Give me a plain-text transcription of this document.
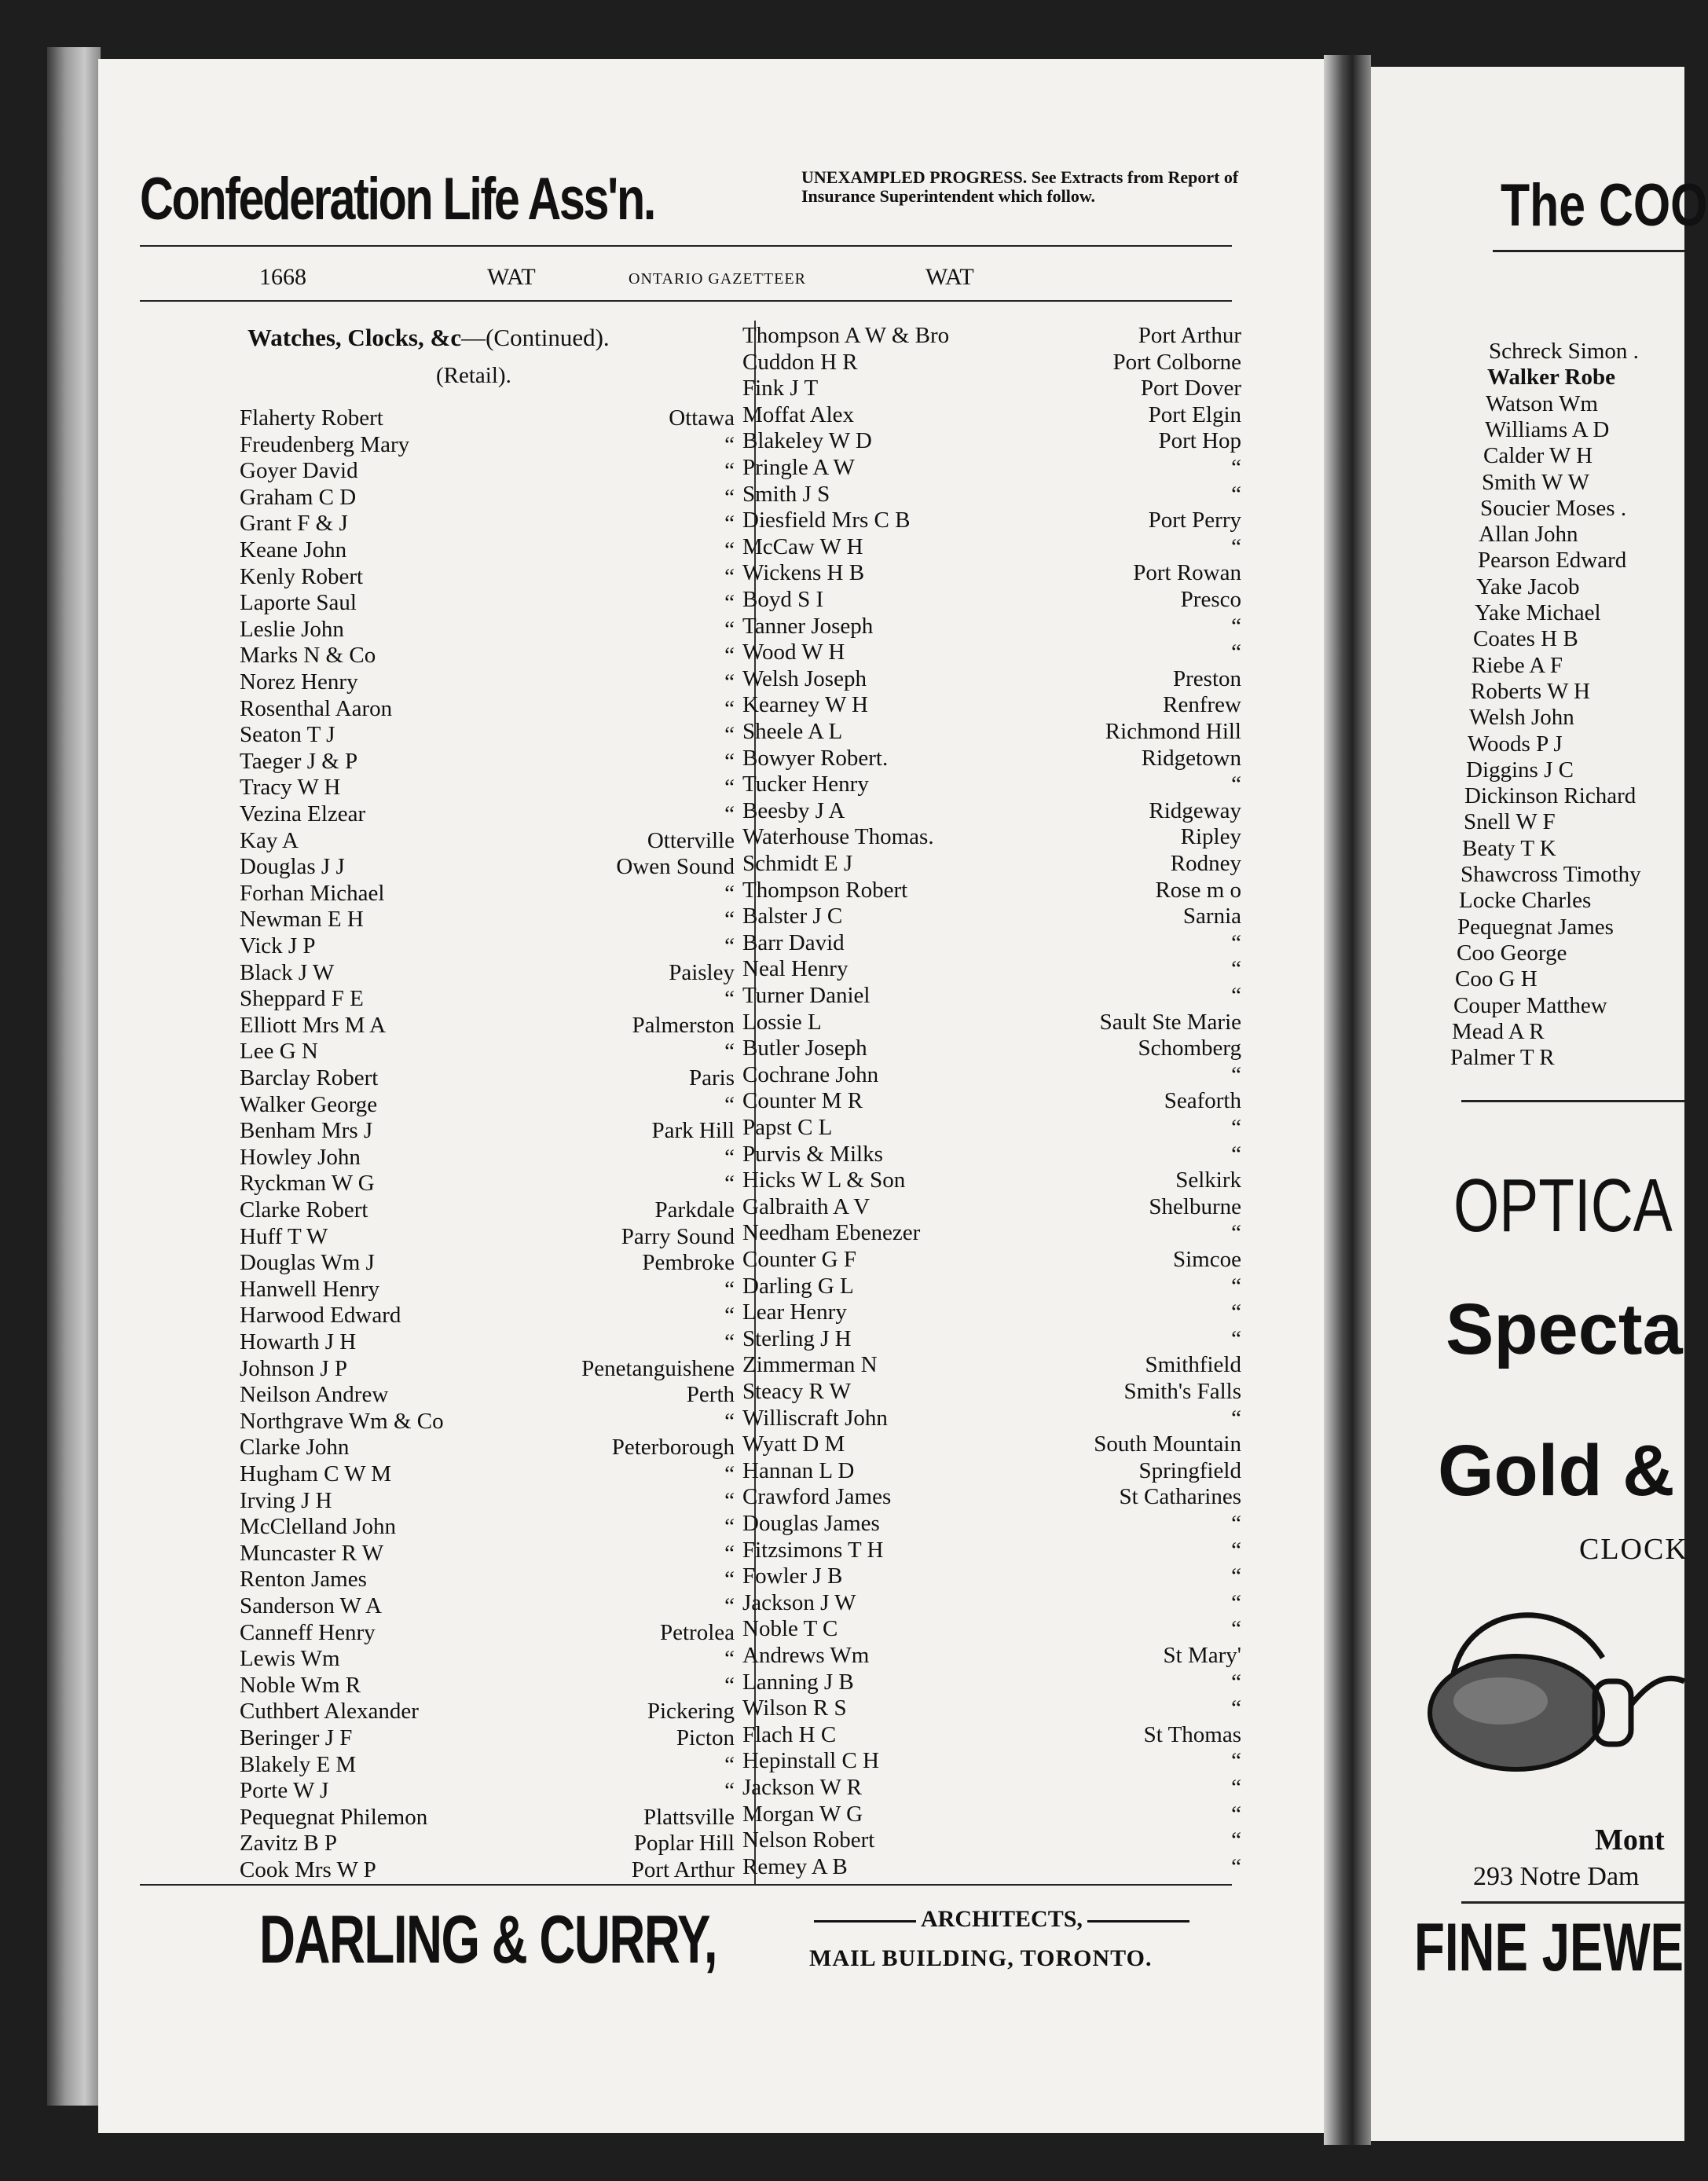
Confederation Life Ass'n.	UNEXAMPLED PROGRESS. See Extracts from Report of Insurance Superintendent which follow.
1668	WAT	ONTARIO GAZETTEER	WAT
Watches, Clocks, &c—(Continued).
(Retail).
Flaherty Robert	Ottawa
Freudenberg Mary	“
Goyer David	“
Graham C D	“
Grant F & J	“
Keane John	“
Kenly Robert	“
Laporte Saul	“
Leslie John	“
Marks N & Co	“
Norez Henry	“
Rosenthal Aaron	“
Seaton T J	“
Taeger J & P	“
Tracy W H	“
Vezina Elzear	“
Kay A	Otterville
Douglas J J	Owen Sound
Forhan Michael	“
Newman E H	“
Vick J P	“
Black J W	Paisley
Sheppard F E	“
Elliott Mrs M A	Palmerston
Lee G N	“
Barclay Robert	Paris
Walker George	“
Benham Mrs J	Park Hill
Howley John	“
Ryckman W G	“
Clarke Robert	Parkdale
Huff T W	Parry Sound
Douglas Wm J	Pembroke
Hanwell Henry	“
Harwood Edward	“
Howarth J H	“
Johnson J P	Penetanguishene
Neilson Andrew	Perth
Northgrave Wm & Co	“
Clarke John	Peterborough
Hugham C W M	“
Irving J H	“
McClelland John	“
Muncaster R W	“
Renton James	“
Sanderson W A	“
Canneff Henry	Petrolea
Lewis Wm	“
Noble Wm R	“
Cuthbert Alexander	Pickering
Beringer J F	Picton
Blakely E M	“
Porte W J	“
Pequegnat Philemon	Plattsville
Zavitz B P	Poplar Hill
Cook Mrs W P	Port Arthur
Thompson A W & Bro	Port Arthur
Cuddon H R	Port Colborne
Fink J T	Port Dover
Moffat Alex	Port Elgin
Blakeley W D	Port Hop
Pringle A W	“
Smith J S	“
Diesfield Mrs C B	Port Perry
McCaw W H	“
Wickens H B	Port Rowan
Boyd S I	Presco
Tanner Joseph	“
Wood W H	“
Welsh Joseph	Preston
Kearney W H	Renfrew
Sheele A L	Richmond Hill
Bowyer Robert.	Ridgetown
Tucker Henry	“
Beesby J A	Ridgeway
Waterhouse Thomas.	Ripley
Schmidt E J	Rodney
Thompson Robert	Rose m o
Balster J C	Sarnia
Barr David	“
Neal Henry	“
Turner Daniel	“
Lossie L	Sault Ste Marie
Butler Joseph	Schomberg
Cochrane John	“
Counter M R	Seaforth
Papst C L	“
Purvis & Milks	“
Hicks W L & Son	Selkirk
Galbraith A V	Shelburne
Needham Ebenezer	“
Counter G F	Simcoe
Darling G L	“
Lear Henry	“
Sterling J H	“
Zimmerman N	Smithfield
Steacy R W	Smith's Falls
Williscraft John	“
Wyatt D M	South Mountain
Hannan L D	Springfield
Crawford James	St Catharines
Douglas James	“
Fitzsimons T H	“
Fowler J B	“
Jackson J W	“
Noble T C	“
Andrews Wm	St Mary'
Lanning J B	“
Wilson R S	“
Flach H C	St Thomas
Hepinstall C H	“
Jackson W R	“
Morgan W G	“
Nelson Robert	“
Remey A B	“
DARLING & CURRY,	ARCHITECTS,
MAIL BUILDING, TORONTO.
The COO
Schreck Simon .
Walker Robe
Watson Wm
Williams A D
Calder W H
Smith W W
Soucier Moses .
Allan John
Pearson Edward
Yake Jacob
Yake Michael
Coates H B
Riebe A F
Roberts W H
Welsh John
Woods P J
Diggins J C
Dickinson Richard
Snell W F
Beaty T K
Shawcross Timothy
Locke Charles
Pequegnat James
Coo George
Coo G H
Couper Matthew
Mead A R
Palmer T R
OPTICA
Specta
Gold &
CLOCK
Mont
293 Notre Dam
FINE JEWE
